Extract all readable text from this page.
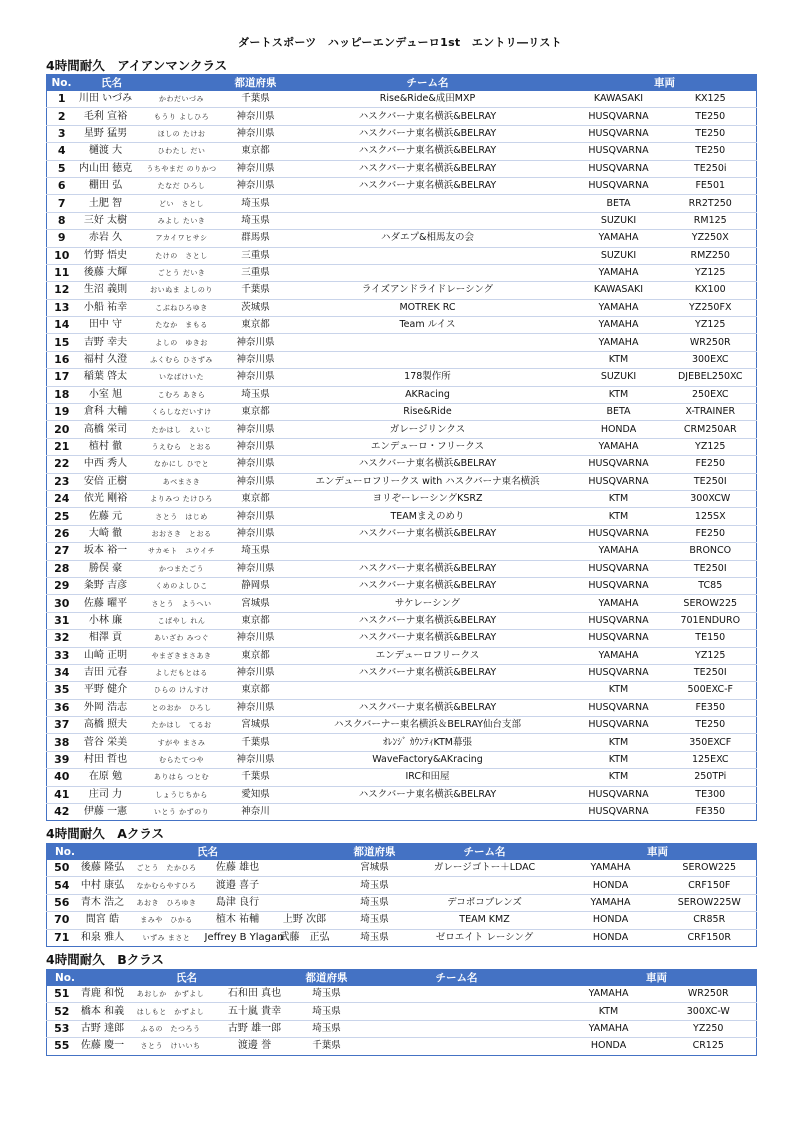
ダートスポーツ　ハッピーエンデューロ1st　エントリ―リスト
4時間耐久　アイアンマンクラス
No.	氏名		都道府県	チーム名	車両	
1	川田 いづみ	かわだいづみ	千葉県	Rise&Ride&成田MXP	KAWASAKI	KX125
2	毛利 宣裕	もうり よしひろ	神奈川県	ハスクバーナ東名横浜&BELRAY	HUSQVARNA	TE250
3	星野 猛男	ほしの たけお	神奈川県	ハスクバーナ東名横浜&BELRAY	HUSQVARNA	TE250
4	樋渡 大	ひわたし だい	東京都	ハスクバーナ東名横浜&BELRAY	HUSQVARNA	TE250
5	内山田 徳克	うちやまだ のりかつ	神奈川県	ハスクバーナ東名横浜&BELRAY	HUSQVARNA	TE250i
6	棚田 弘	たなだ ひろし	神奈川県	ハスクバーナ東名横浜&BELRAY	HUSQVARNA	FE501
7	土肥 智	どい　さとし	埼玉県		BETA	RR2T250
8	三好 太樹	みよし たいき	埼玉県		SUZUKI	RM125
9	赤岩 久	アカイワヒサシ	群馬県	ハダエプ&相馬友の会	YAMAHA	YZ250X
10	竹野 悟史	たけの　さとし	三重県		SUZUKI	RMZ250
11	後藤 大輝	ごとう だいき	三重県		YAMAHA	YZ125
12	生沼 義則	おいぬま よしのり	千葉県	ライズアンドライドレーシング	KAWASAKI	KX100
13	小船 祐幸	こぶねひろゆき	茨城県	MOTREK RC	YAMAHA	YZ250FX
14	田中 守	たなか　まもる	東京都	Team ルイス	YAMAHA	YZ125
15	吉野 幸夫	よしの　ゆきお	神奈川県		YAMAHA	WR250R
16	福村 久澄	ふくむら ひさずみ	神奈川県		KTM	300EXC
17	稲葉 啓太	いなばけいた	神奈川県	178製作所	SUZUKI	DJEBEL250XC
18	小室 旭	こむろ あきら	埼玉県	AKRacing	KTM	250EXC
19	倉科 大輔	くらしなだいすけ	東京都	Rise&Ride	BETA	X-TRAINER
20	高橋 栄司	たかはし　えいじ	神奈川県	ガレージリンクス	HONDA	CRM250AR
21	植村 徹	うえむら　とおる	神奈川県	エンデューロ・フリークス	YAMAHA	YZ125
22	中西 秀人	なかにし ひでと	神奈川県	ハスクバーナ東名横浜&BELRAY	HUSQVARNA	FE250
23	安倍 正樹	あべまさき	神奈川県	エンデューロフリークス with ハスクバーナ東名横浜	HUSQVARNA	TE250I
24	依光 剛裕	よりみつ たけひろ	東京都	ヨリぞーレーシングKSRZ	KTM	300XCW
25	佐藤 元	さとう　はじめ	神奈川県	TEAMまえのめり	KTM	125SX
26	大崎 徹	おおさき　とおる	神奈川県	ハスクバーナ東名横浜&BELRAY	HUSQVARNA	FE250
27	坂本 裕一	サカモト　ユウイチ	埼玉県		YAMAHA	BRONCO
28	勝俣 豪	かつまたごう	神奈川県	ハスクバーナ東名横浜&BELRAY	HUSQVARNA	TE250I
29	粂野 吉彦	くめのよしひこ	静岡県	ハスクバーナ東名横浜&BELRAY	HUSQVARNA	TC85
30	佐藤 曜平	さとう　ようへい	宮城県	サケレーシング	YAMAHA	SEROW225
31	小林 廉	こばやし れん	東京都	ハスクバーナ東名横浜&BELRAY	HUSQVARNA	701ENDURO
32	相澤 貢	あいざわ みつぐ	神奈川県	ハスクバーナ東名横浜&BELRAY	HUSQVARNA	TE150
33	山崎 正明	やまざきまさあき	東京都	エンデューロフリークス	YAMAHA	YZ125
34	吉田 元春	よしだもとはる	神奈川県	ハスクバーナ東名横浜&BELRAY	HUSQVARNA	TE250I
35	平野 健介	ひらの けんすけ	東京都		KTM	500EXC-F
36	外岡 浩志	とのおか　ひろし	神奈川県	ハスクバーナ東名横浜&BELRAY	HUSQVARNA	FE350
37	高橋 照夫	たかはし　てるお	宮城県	ハスクバーナー東名横浜＆BELRAY仙台支部	HUSQVARNA	TE250
38	菅谷 栄美	すがや まさみ	千葉県	ｵﾚﾝｼﾞ ｶｳﾝﾃｨKTM幕張	KTM	350EXCF
39	村田 哲也	むらたてつや	神奈川県	WaveFactory&AKracing	KTM	125EXC
40	在原 勉	ありはら つとむ	千葉県	IRC和田屋	KTM	250TPi
41	庄司 力	しょうじちから	愛知県	ハスクバーナ東名横浜&BELRAY	HUSQVARNA	TE300
42	伊藤 一憲	いとう かずのり	神奈川		HUSQVARNA	FE350
4時間耐久　Aクラス
No.	氏名				都道府県	チーム名	車両	
50	後藤 隆弘	ごとう　たかひろ	佐藤 雄也		宮城県	ガレージゴトー＋LDAC	YAMAHA	SEROW225
54	中村 康弘	なかむらやすひろ	渡邉 喜子		埼玉県		HONDA	CRF150F
56	青木 浩之	あおき　ひろゆき	島津 良行		埼玉県	デコボコブレンズ	YAMAHA	SEROW225W
70	間宮 皓	まみや　ひかる	植木 祐輔	上野 次郎	埼玉県	TEAM KMZ	HONDA	CR85R
71	和泉 雅人	いずみ まさと	Jeffrey B Ylagan	武藤　正弘	埼玉県	ゼロエイト レーシング	HONDA	CRF150R
4時間耐久　Bクラス
No.	氏名			都道府県	チーム名	車両	
51	青鹿 和悦	あおしか　かずよし	石和田 真也	埼玉県		YAMAHA	WR250R
52	橋本 和義	はしもと　かずよし	五十嵐 貴幸	埼玉県		KTM	300XC-W
53	古野 達郎	ふるの　たつろう	古野 雄一郎	埼玉県		YAMAHA	YZ250
55	佐藤 慶一	さとう　けいいち	渡邊 誉	千葉県		HONDA	CR125
